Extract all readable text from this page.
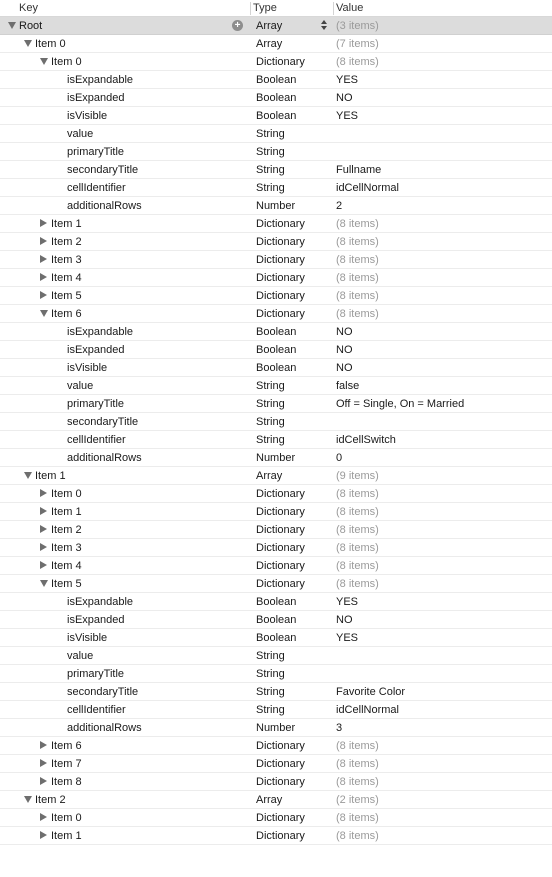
Key	Type	Value
Root	+ Array	(3 items)
Item 0	Array	(7 items)
Item 0	Dictionary	(8 items)
isExpandable	Boolean	YES
isExpanded	Boolean	NO
isVisible	Boolean	YES
value	String
primaryTitle	String
secondaryTitle	String	Fullname
cellIdentifier	String	idCellNormal
additionalRows	Number	2
Item 1	Dictionary	(8 items)
Item 2	Dictionary	(8 items)
Item 3	Dictionary	(8 items)
Item 4	Dictionary	(8 items)
Item 5	Dictionary	(8 items)
Item 6	Dictionary	(8 items)
isExpandable	Boolean	NO
isExpanded	Boolean	NO
isVisible	Boolean	NO
value	String	false
primaryTitle	String	Off = Single, On = Married
secondaryTitle	String
cellIdentifier	String	idCellSwitch
additionalRows	Number	0
Item 1	Array	(9 items)
Item 0	Dictionary	(8 items)
Item 1	Dictionary	(8 items)
Item 2	Dictionary	(8 items)
Item 3	Dictionary	(8 items)
Item 4	Dictionary	(8 items)
Item 5	Dictionary	(8 items)
isExpandable	Boolean	YES
isExpanded	Boolean	NO
isVisible	Boolean	YES
value	String
primaryTitle	String
secondaryTitle	String	Favorite Color
cellIdentifier	String	idCellNormal
additionalRows	Number	3
Item 6	Dictionary	(8 items)
Item 7	Dictionary	(8 items)
Item 8	Dictionary	(8 items)
Item 2	Array	(2 items)
Item 0	Dictionary	(8 items)
Item 1	Dictionary	(8 items)
